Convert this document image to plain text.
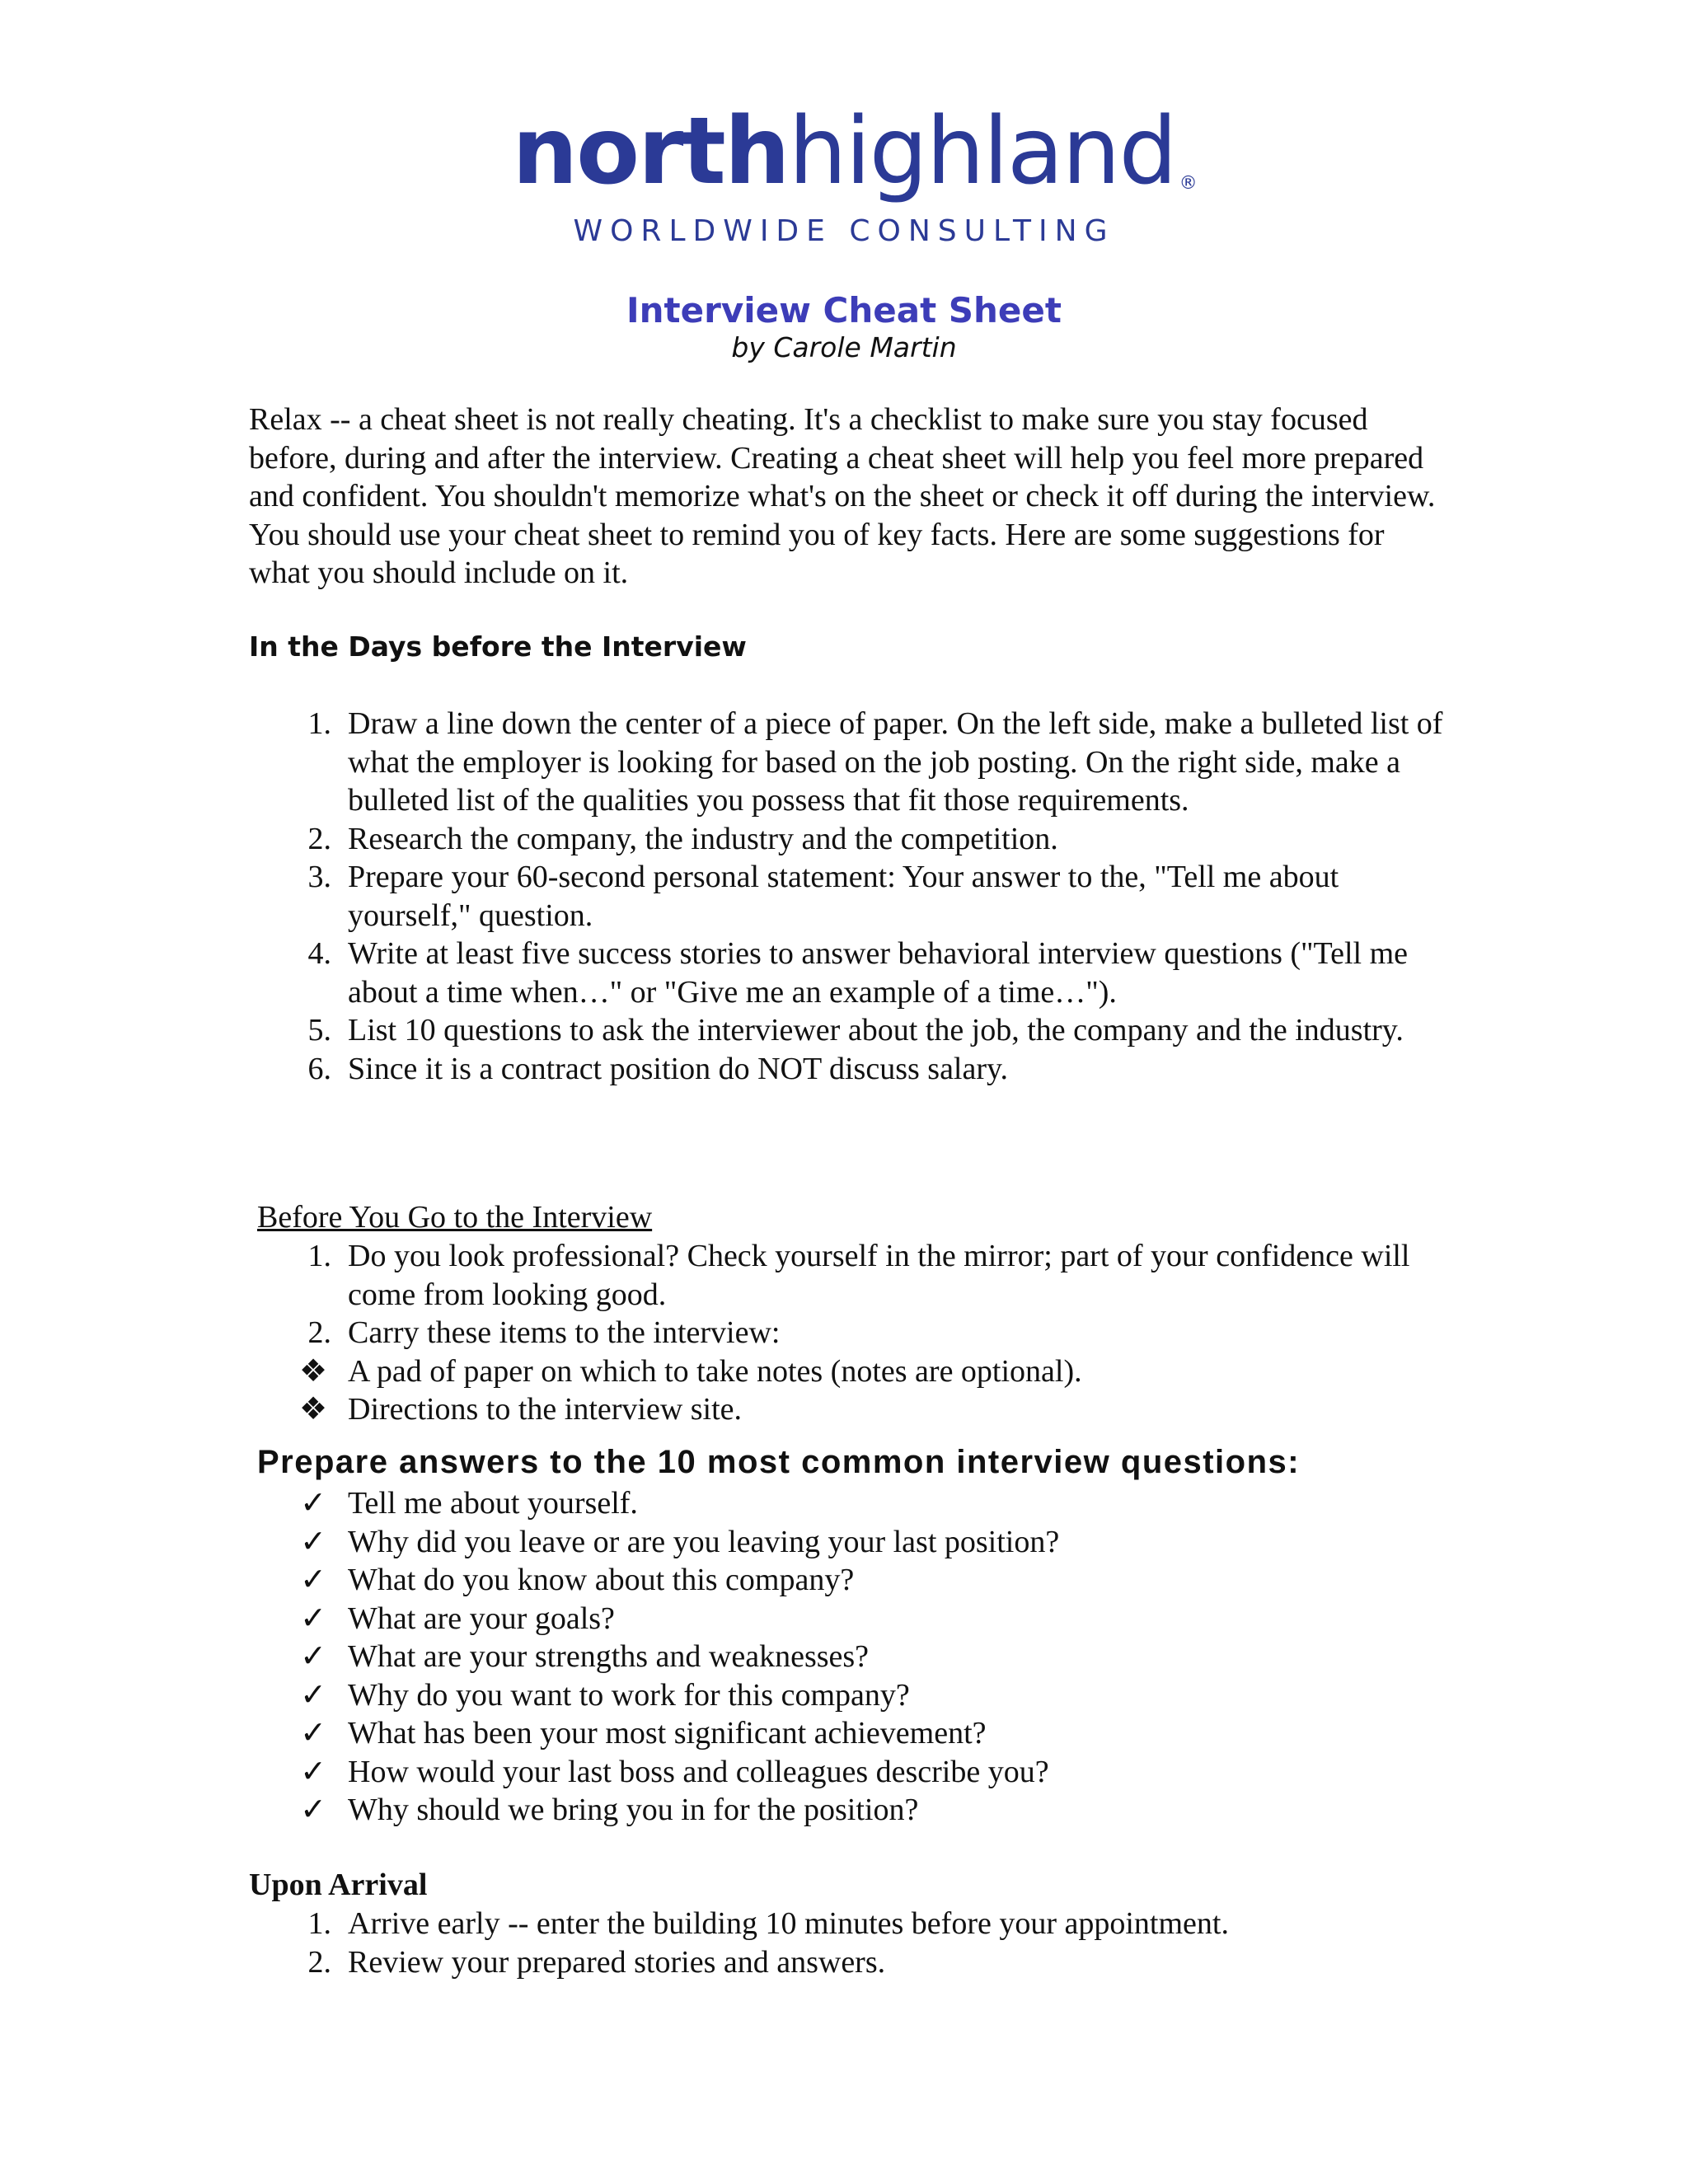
northhighland ®
WORLDWIDE CONSULTING
Interview Cheat Sheet
by Carole Martin
Relax -- a cheat sheet is not really cheating. It's a checklist to make sure you stay focused before, during and after the interview. Creating a cheat sheet will help you feel more prepared and confident. You shouldn't memorize what's on the sheet or check it off during the interview. You should use your cheat sheet to remind you of key facts. Here are some suggestions for what you should include on it.
In the Days before the Interview
1. Draw a line down the center of a piece of paper. On the left side, make a bulleted list of what the employer is looking for based on the job posting. On the right side, make a bulleted list of the qualities you possess that fit those requirements.
2. Research the company, the industry and the competition.
3. Prepare your 60-second personal statement: Your answer to the, "Tell me about yourself," question.
4. Write at least five success stories to answer behavioral interview questions ("Tell me about a time when…" or "Give me an example of a time…").
5. List 10 questions to ask the interviewer about the job, the company and the industry.
6. Since it is a contract position do NOT discuss salary.
Before You Go to the Interview
1. Do you look professional? Check yourself in the mirror; part of your confidence will come from looking good.
2. Carry these items to the interview:
❖ A pad of paper on which to take notes (notes are optional).
❖ Directions to the interview site.
Prepare answers to the 10 most common interview questions:
✓ Tell me about yourself.
✓ Why did you leave or are you leaving your last position?
✓ What do you know about this company?
✓ What are your goals?
✓ What are your strengths and weaknesses?
✓ Why do you want to work for this company?
✓ What has been your most significant achievement?
✓ How would your last boss and colleagues describe you?
✓ Why should we bring you in for the position?
Upon Arrival
1. Arrive early -- enter the building 10 minutes before your appointment.
2. Review your prepared stories and answers.
